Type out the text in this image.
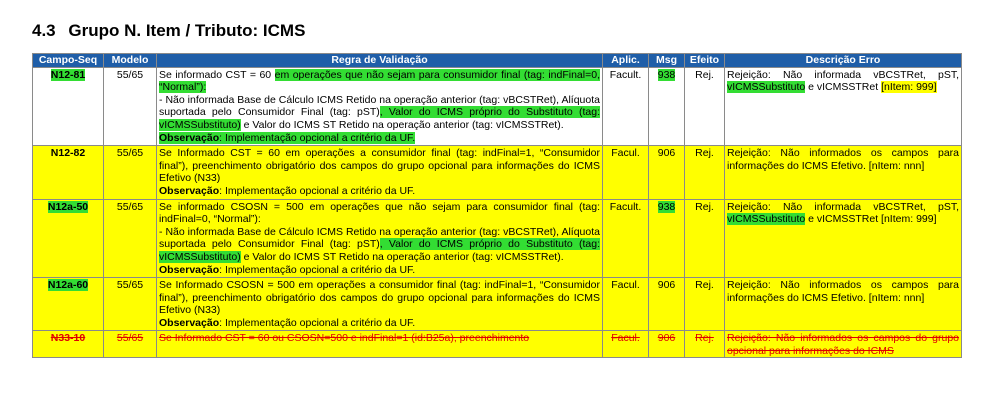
4.3 Grupo N. Item / Tributo: ICMS
Campo-Seq	Modelo	Regra de Validação	Aplic.	Msg	Efeito	Descrição Erro
N12-81	55/65	Se informado CST = 60 em operações que não sejam para consumidor final (tag: indFinal=0, “Normal”):
- Não informada Base de Cálculo ICMS Retido na operação anterior (tag: vBCSTRet), Alíquota suportada pelo Consumidor Final (tag: pST), Valor do ICMS próprio do Substituto (tag: vICMSSubstituto) e Valor do ICMS ST Retido na operação anterior (tag: vICMSSTRet).
Observação: Implementação opcional a critério da UF.	Facult.	938	Rej.	Rejeição: Não informada vBCSTRet, pST, vICMSSubstituto e vICMSSTRet [nItem: 999]
N12-82	55/65	Se Informado CST = 60 em operações a consumidor final (tag: indFinal=1, “Consumidor final”), preenchimento obrigatório dos campos do grupo opcional para informações do ICMS Efetivo (N33)
Observação: Implementação opcional a critério da UF.	Facul.	906	Rej.	Rejeição: Não informados os campos para informações do ICMS Efetivo. [nItem: nnn]
N12a-50	55/65	Se informado CSOSN = 500 em operações que não sejam para consumidor final (tag: indFinal=0, “Normal”):
- Não informada Base de Cálculo ICMS Retido na operação anterior (tag: vBCSTRet), Alíquota suportada pelo Consumidor Final (tag: pST), Valor do ICMS próprio do Substituto (tag: vICMSSubstituto) e Valor do ICMS ST Retido na operação anterior (tag: vICMSSTRet).
Observação: Implementação opcional a critério da UF.	Facult.	938	Rej.	Rejeição: Não informada vBCSTRet, pST, vICMSSubstituto e vICMSSTRet [nItem: 999]
N12a-60	55/65	Se Informado CSOSN = 500 em operações a consumidor final (tag: indFinal=1, “Consumidor final”), preenchimento obrigatório dos campos do grupo opcional para informações do ICMS Efetivo (N33)
Observação: Implementação opcional a critério da UF.	Facul.	906	Rej.	Rejeição: Não informados os campos para informações do ICMS Efetivo. [nItem: nnn]

N33-10	55/65	Se Informado CST = 60 ou CSOSN=500 e indFinal=1 (id:B25a), preenchimento	Facul.	906	Rej.	Rejeição: Não informados os campos do grupo opcional para informações do ICMS
